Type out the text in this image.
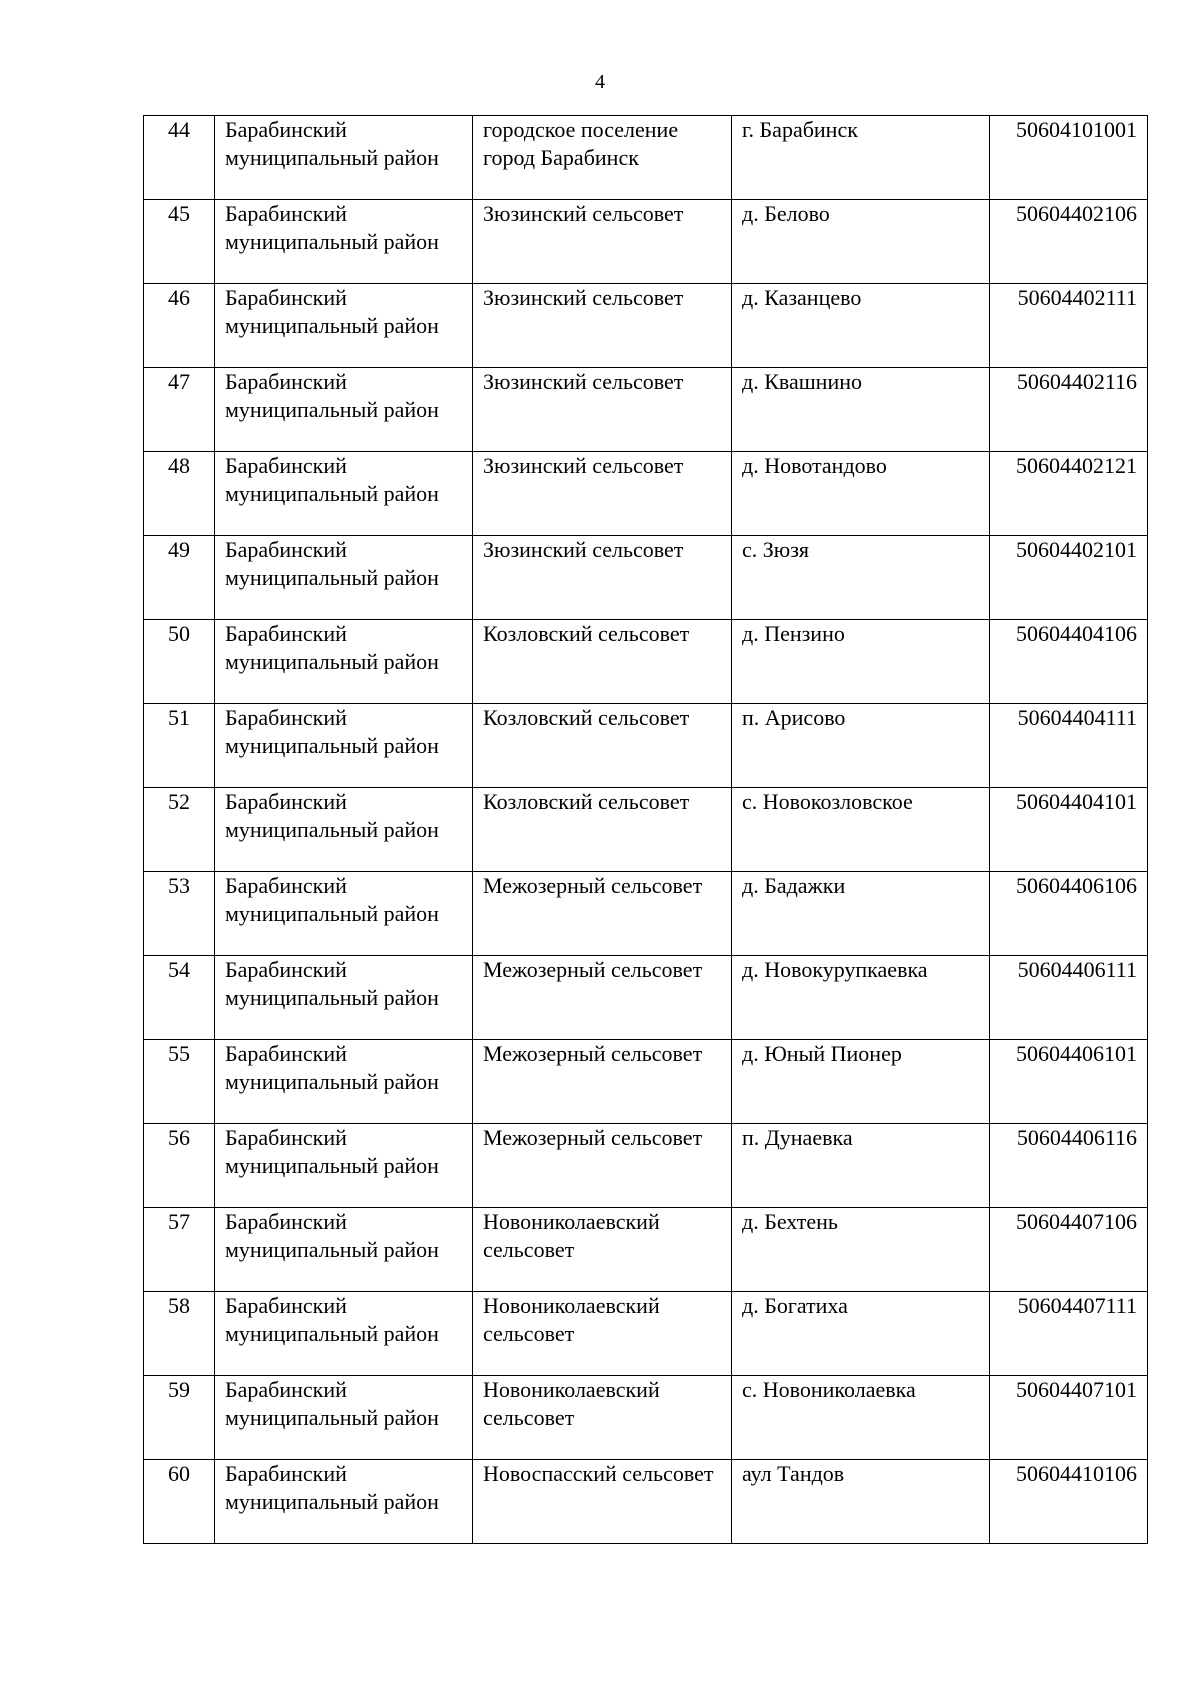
4
44	Барабинский муниципальный район	городское поселение город Барабинск	г. Барабинск	50604101001
45	Барабинский муниципальный район	Зюзинский сельсовет	д. Белово	50604402106
46	Барабинский муниципальный район	Зюзинский сельсовет	д. Казанцево	50604402111
47	Барабинский муниципальный район	Зюзинский сельсовет	д. Квашнино	50604402116
48	Барабинский муниципальный район	Зюзинский сельсовет	д. Новотандово	50604402121
49	Барабинский муниципальный район	Зюзинский сельсовет	с. Зюзя	50604402101
50	Барабинский муниципальный район	Козловский сельсовет	д. Пензино	50604404106
51	Барабинский муниципальный район	Козловский сельсовет	п. Арисово	50604404111
52	Барабинский муниципальный район	Козловский сельсовет	с. Новокозловское	50604404101
53	Барабинский муниципальный район	Межозерный сельсовет	д. Бадажки	50604406106
54	Барабинский муниципальный район	Межозерный сельсовет	д. Новокурупкаевка	50604406111
55	Барабинский муниципальный район	Межозерный сельсовет	д. Юный Пионер	50604406101
56	Барабинский муниципальный район	Межозерный сельсовет	п. Дунаевка	50604406116
57	Барабинский муниципальный район	Новониколаевский сельсовет	д. Бехтень	50604407106
58	Барабинский муниципальный район	Новониколаевский сельсовет	д. Богатиха	50604407111
59	Барабинский муниципальный район	Новониколаевский сельсовет	с. Новониколаевка	50604407101
60	Барабинский муниципальный район	Новоспасский сельсовет	аул Тандов	50604410106
